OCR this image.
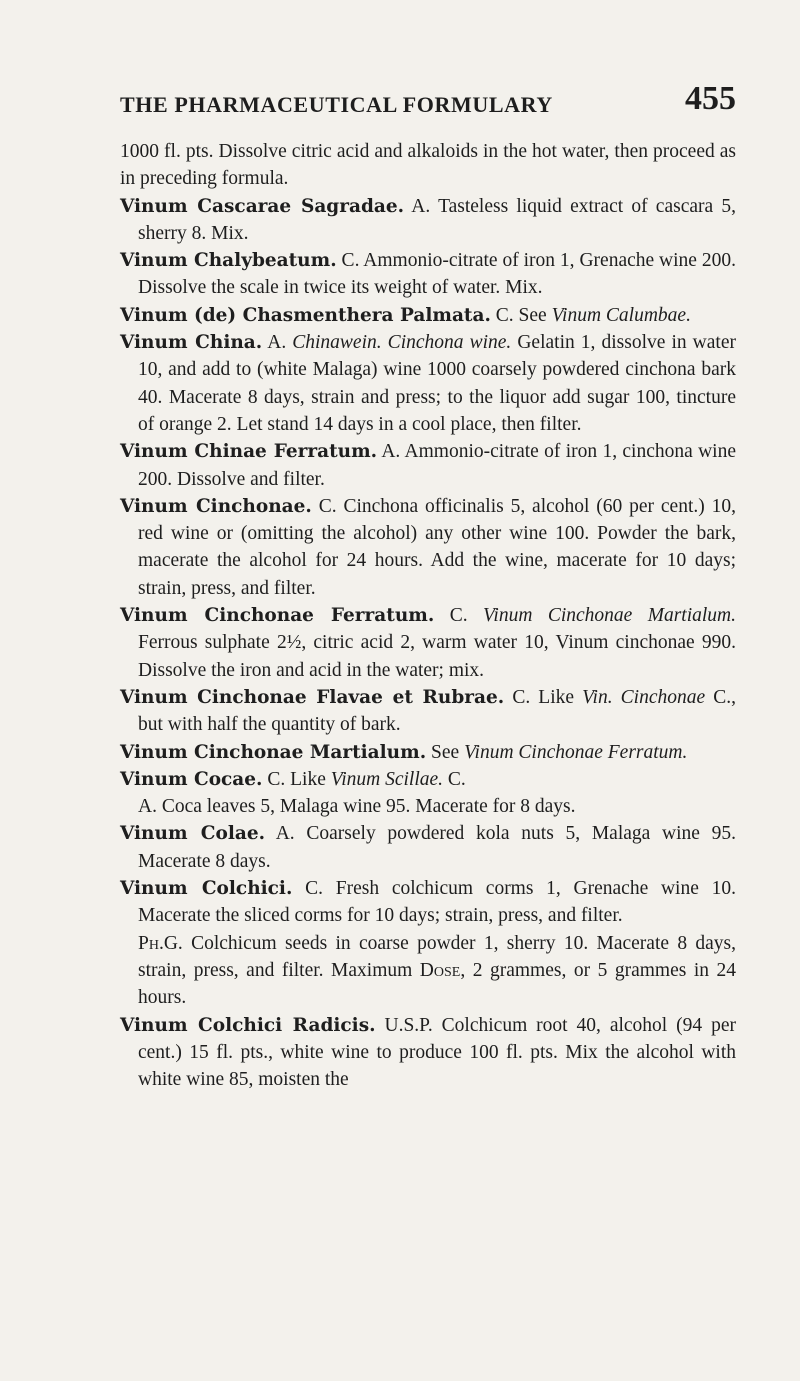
THE PHARMACEUTICAL FORMULARY	455

1000 fl. pts. Dissolve citric acid and alkaloids in the hot water, then proceed as in preceding formula.

Vinum Cascarae Sagradae. A. Tasteless liquid extract of cascara 5, sherry 8. Mix.

Vinum Chalybeatum. C. Ammonio-citrate of iron 1, Grenache wine 200. Dissolve the scale in twice its weight of water. Mix.

Vinum (de) Chasmenthera Palmata. C. See Vinum Calumbae.

Vinum China. A. Chinawein. Cinchona wine. Gelatin 1, dissolve in water 10, and add to (white Malaga) wine 1000 coarsely powdered cinchona bark 40. Macerate 8 days, strain and press; to the liquor add sugar 100, tincture of orange 2. Let stand 14 days in a cool place, then filter.

Vinum Chinae Ferratum. A. Ammonio-citrate of iron 1, cinchona wine 200. Dissolve and filter.

Vinum Cinchonae. C. Cinchona officinalis 5, alcohol (60 per cent.) 10, red wine or (omitting the alcohol) any other wine 100. Powder the bark, macerate the alcohol for 24 hours. Add the wine, macerate for 10 days; strain, press, and filter.

Vinum Cinchonae Ferratum. C. Vinum Cinchonae Martialum. Ferrous sulphate 2½, citric acid 2, warm water 10, Vinum cinchonae 990. Dissolve the iron and acid in the water; mix.

Vinum Cinchonae Flavae et Rubrae. C. Like Vin. Cinchonae C., but with half the quantity of bark.

Vinum Cinchonae Martialum. See Vinum Cinchonae Ferratum.

Vinum Cocae. C. Like Vinum Scillae. C.

A. Coca leaves 5, Malaga wine 95. Macerate for 8 days.

Vinum Colae. A. Coarsely powdered kola nuts 5, Malaga wine 95. Macerate 8 days.

Vinum Colchici. C. Fresh colchicum corms 1, Grenache wine 10. Macerate the sliced corms for 10 days; strain, press, and filter.

Ph.G. Colchicum seeds in coarse powder 1, sherry 10. Macerate 8 days, strain, press, and filter. Maximum Dose, 2 grammes, or 5 grammes in 24 hours.

Vinum Colchici Radicis. U.S.P. Colchicum root 40, alcohol (94 per cent.) 15 fl. pts., white wine to produce 100 fl. pts. Mix the alcohol with white wine 85, moisten the
